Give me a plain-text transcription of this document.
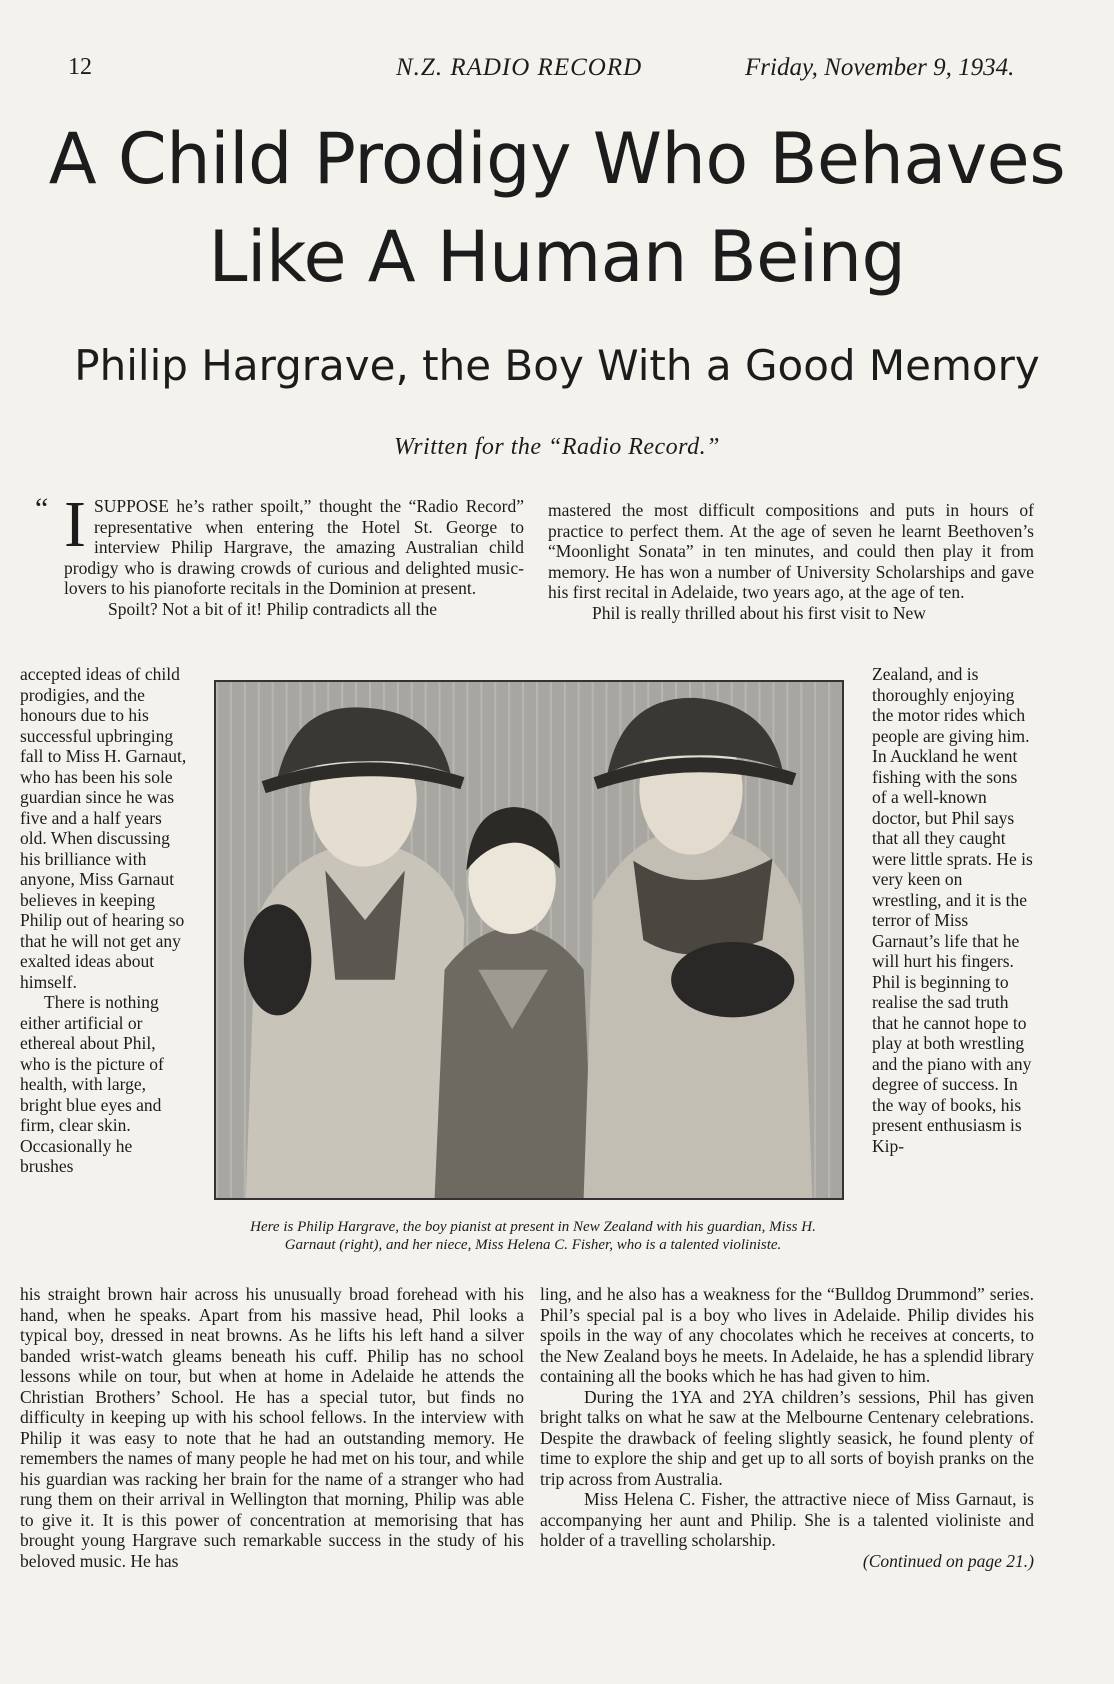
12	N.Z. RADIO RECORD	Friday, November 9, 1934.
A Child Prodigy Who Behaves
Like A Human Being
Philip Hargrave, the Boy With a Good Memory
Written for the “Radio Record.”
“ ISUPPOSE he’s rather spoilt,” thought the “Radio Record” representative when entering the Hotel St. George to interview Philip Hargrave, the amazing Australian child prodigy who is drawing crowds of curious and delighted music-lovers to his pianoforte recitals in the Dominion at present.

Spoilt? Not a bit of it! Philip contradicts all the

accepted ideas of child prodigies, and the honours due to his successful upbringing fall to Miss H. Garnaut, who has been his sole guardian since he was five and a half years old. When discussing his brilliance with anyone, Miss Garnaut believes in keeping Philip out of hearing so that he will not get any exalted ideas about himself.

There is nothing either artificial or ethereal about Phil, who is the picture of health, with large, bright blue eyes and firm, clear skin. Occasionally he brushes

his straight brown hair across his unusually broad forehead with his hand, when he speaks. Apart from his massive head, Phil looks a typical boy, dressed in neat browns. As he lifts his left hand a silver banded wrist-watch gleams beneath his cuff. Philip has no school lessons while on tour, but when at home in Adelaide he attends the Christian Brothers’ School. He has a special tutor, but finds no difficulty in keeping up with his school fellows. In the interview with Philip it was easy to note that he had an outstanding memory. He remembers the names of many people he had met on his tour, and while his guardian was racking her brain for the name of a stranger who had rung them on their arrival in Wellington that morning, Philip was able to give it. It is this power of concentration at memorising that has brought young Hargrave such remarkable success in the study of his beloved music. He has

mastered the most difficult compositions and puts in hours of practice to perfect them. At the age of seven he learnt Beethoven’s “Moonlight Sonata” in ten minutes, and could then play it from memory. He has won a number of University Scholarships and gave his first recital in Adelaide, two years ago, at the age of ten.

Phil is really thrilled about his first visit to New

Zealand, and is thoroughly enjoying the motor rides which people are giving him. In Auckland he went fishing with the sons of a well-known doctor, but Phil says that all they caught were little sprats. He is very keen on wrestling, and it is the terror of Miss Garnaut’s life that he will hurt his fingers. Phil is beginning to realise the sad truth that he cannot hope to play at both wrestling and the piano with any degree of success. In the way of books, his present enthusiasm is Kip-

ling, and he also has a weakness for the “Bulldog Drummond” series. Phil’s special pal is a boy who lives in Adelaide. Philip divides his spoils in the way of any chocolates which he receives at concerts, to the New Zealand boys he meets. In Adelaide, he has a splendid library containing all the books which he has had given to him.

During the 1YA and 2YA children’s sessions, Phil has given bright talks on what he saw at the Melbourne Centenary celebrations. Despite the drawback of feeling slightly seasick, he found plenty of time to explore the ship and get up to all sorts of boyish pranks on the trip across from Australia.

Miss Helena C. Fisher, the attractive niece of Miss Garnaut, is accompanying her aunt and Philip. She is a talented violiniste and holder of a travelling scholarship.

(Continued on page 21.)

Here is Philip Hargrave, the boy pianist at present in New Zealand with his guardian, Miss H. Garnaut (right), and her niece, Miss Helena C. Fisher, who is a talented violiniste.
